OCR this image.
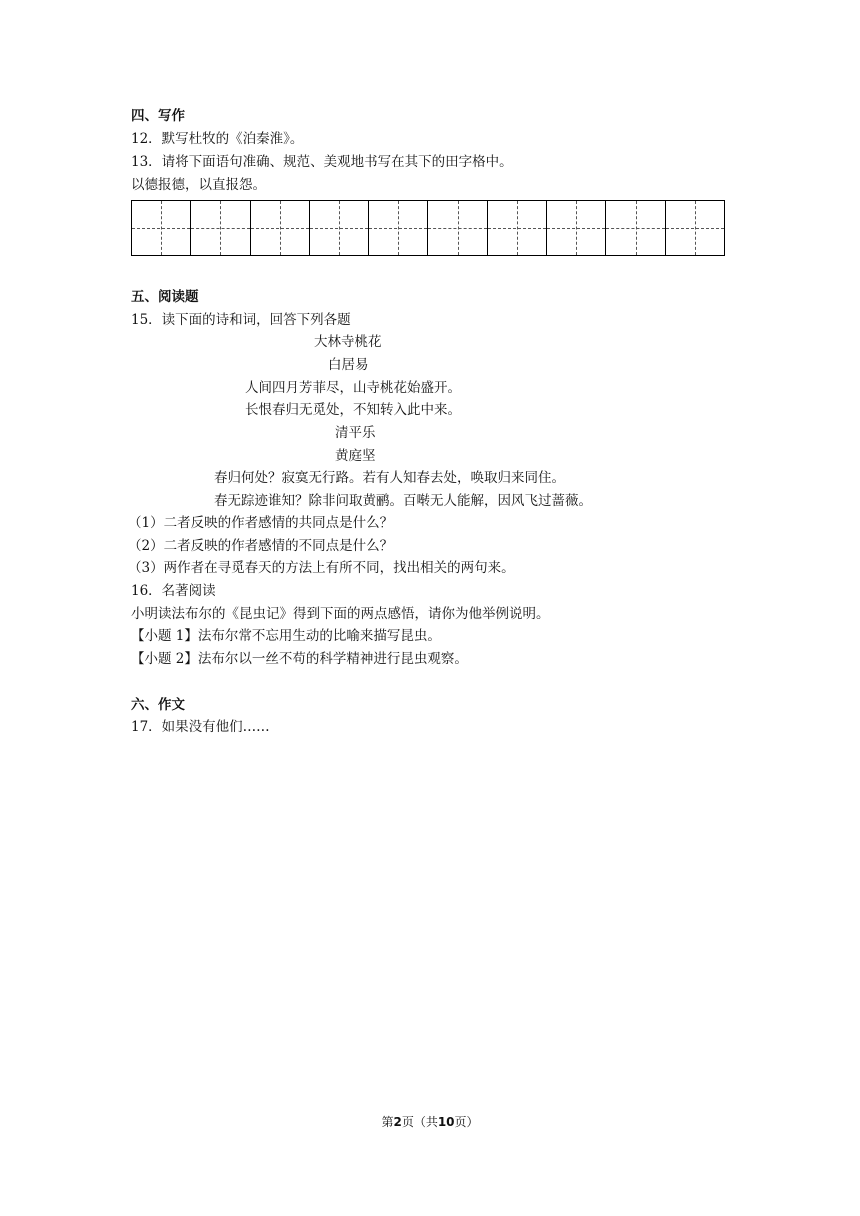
四、写作
12．默写杜牧的《泊秦淮》。
13．请将下面语句准确、规范、美观地书写在其下的田字格中。
以德报德，以直报怨。
五、阅读题
15．读下面的诗和词，回答下列各题
大林寺桃花
白居易
人间四月芳菲尽，山寺桃花始盛开。
长恨春归无觅处，不知转入此中来。
清平乐
黄庭坚
春归何处？寂寞无行路。若有人知春去处，唤取归来同住。
春无踪迹谁知？除非问取黄鹂。百啭无人能解，因风飞过蔷薇。
（1）二者反映的作者感情的共同点是什么？
（2）二者反映的作者感情的不同点是什么？
（3）两作者在寻觅春天的方法上有所不同，找出相关的两句来。
16．名著阅读
小明读法布尔的《昆虫记》得到下面的两点感悟，请你为他举例说明。
【小题 1】法布尔常不忘用生动的比喻来描写昆虫。
【小题 2】法布尔以一丝不苟的科学精神进行昆虫观察。
六、作文
17．如果没有他们……
第2页（共10页）
